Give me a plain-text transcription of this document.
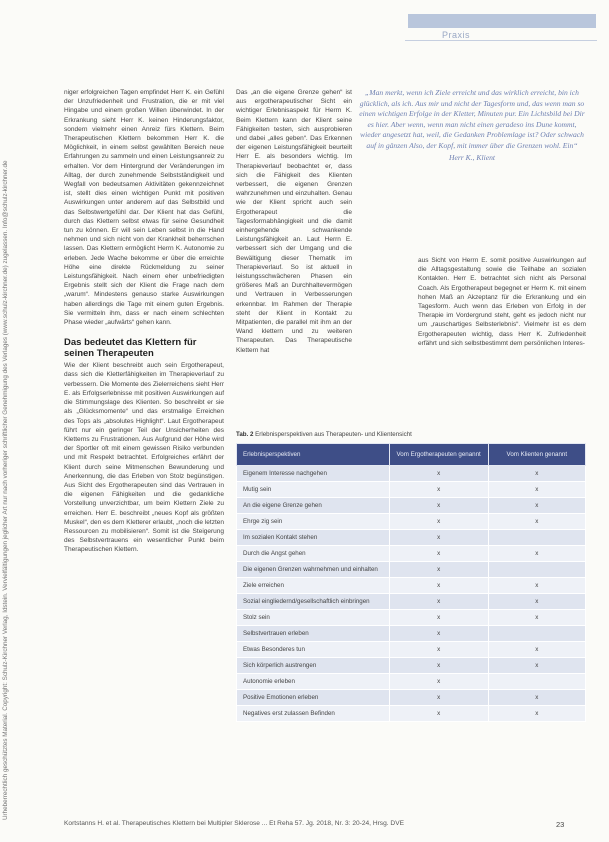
Praxis
Urheberrechtlich geschütztes Material. Copyright: Schulz-Kirchner Verlag, Idstein. Vervielfältigungen jeglicher Art nur nach vorheriger schriftlicher Genehmigung des Verlages (www.schulz-kirchner.de) zugelassen. Info@schulz-kirchner.de

niger erfolgreichen Tagen empfindet Herr K. ein Gefühl der Unzufriedenheit und Frustration, die er mit viel Hingabe und einem großen Willen überwindet. In der Erkrankung sieht Herr K. keinen Hinderungsfaktor, sondern vielmehr einen Anreiz fürs Klettern. Beim Therapeutischen Klettern bekommen Herr K. die Möglichkeit, in einem selbst gewählten Bereich neue Erfahrungen zu sammeln und einen Leistungsanreiz zu erhalten. Vor dem Hintergrund der Veränderungen im Alltag, der durch zunehmende Selbstständigkeit und Wegfall von bedeutsamen Aktivitäten gekennzeichnet ist, stellt dies einen wichtigen Punkt mit positiven Auswirkungen unter anderem auf das Selbstbild und das Selbstwertgefühl dar. Der Klient hat das Gefühl, durch das Klettern selbst etwas für seine Gesundheit tun zu können. Er will sein Leben selbst in die Hand nehmen und sich nicht von der Krankheit beherrschen lassen. Das Klettern ermöglicht Herrn K. Autonomie zu erleben. Jede Wache bekomme er über die erreichte Höhe eine direkte Rückmeldung zu seiner Leistungsfähigkeit. Nach einem eher unbefriedigten Ergebnis stellt sich der Klient die Frage nach dem „warum“. Mindestens genauso starke Auswirkungen haben allerdings die Tage mit einem guten Ergebnis. Sie vermitteln ihm, dass er nach einem schlechten Phase wieder „aufwärts“ gehen kann.

Das bedeutet das Klettern für seinen Therapeuten

Wie der Klient beschreibt auch sein Ergotherapeut, dass sich die Kletterfähigkeiten im Therapieverlauf zu verbessern. Die Momente des Zielerreichens sieht Herr E. als Erfolgserlebnisse mit positiven Auswirkungen auf die Stimmungslage des Klienten. So beschreibt er sie als „Glücksmomente“ und das erstmalige Erreichen des Tops als „absolutes Highlight“. Laut Ergotherapeut führt nur ein geringer Teil der Unsicherheiten des Kletterns zu Frustrationen. Aus Aufgrund der Höhe wird der Sportler oft mit einem gewissen Risiko verbunden und mit Respekt betrachtet. Erfolgreiches erfährt der Klient durch seine Mitmenschen Bewunderung und Anerkennung, die das Erleben von Stolz begünstigen. Aus Sicht des Ergotherapeuten sind das Vertrauen in die eigenen Fähigkeiten und die gedankliche Vorstellung unverzichtbar, um beim Klettern Ziele zu erreichen. Herr E. beschreibt „neues Kopf als größten Muskel“, den es dem Kletterer erlaubt, „noch die letzten Ressourcen zu mobilisieren“. Somit ist die Steigerung des Selbstvertrauens ein wesentlicher Punkt beim Therapeutischen Klettern.

Das „an die eigene Grenze gehen“ ist aus ergotherapeutischer Sicht ein wichtiger Erlebnisaspekt für Herrn K. Beim Klettern kann der Klient seine Fähigkeiten testen, sich ausprobieren und dabei „alles geben“. Das Erkennen der eigenen Leistungsfähigkeit beurteilt Herr E. als besonders wichtig. Im Therapieverlauf beobachtet er, dass sich die Fähigkeit des Klienten verbessert, die eigenen Grenzen wahrzunehmen und einzuhalten. Genau wie der Klient spricht auch sein Ergotherapeut die Tagesformabhängigkeit und die damit einhergehende schwankende Leistungsfähigkeit an. Laut Herrn E. verbessert sich der Umgang und die Bewältigung dieser Thematik im Therapieverlauf. So ist aktuell in leistungsschwächeren Phasen ein größeres Maß an Durchhaltevermögen und Vertrauen in Verbesserungen erkennbar. Im Rahmen der Therapie steht der Klient in Kontakt zu Mitpatienten, die parallel mit ihm an der Wand klettern und zu weiteren Therapeuten. Das Therapeutische Klettern hat

„Man merkt, wenn ich Ziele erreicht und das wirklich erreicht, bin ich glücklich, als ich. Aus mir und nicht der Tagesform und, das wenn man so einen wichtigen Erfolge in der Kletter, Minuten pur. Ein Lichtsbild bei Dir es hier. Aber wenn, wenn man nicht einen geradeso ins Dune kommt, wieder angesetzt hat, weil, die Gedanken Problemlage ist? Oder schwach auf in gänzen Also, der Kopf, mit immer über die Grenzen wohl. Ein“
Herr K., Klient

aus Sicht von Herrn E. somit positive Auswirkungen auf die Alltagsgestaltung sowie die Teilhabe an sozialen Kontakten. Herr E. betrachtet sich nicht als Personal Coach. Als Ergotherapeut begegnet er Herrn K. mit einem hohen Maß an Akzeptanz für die Erkrankung und ein Tagesform. Auch wenn das Erleben von Erfolg in der Therapie im Vordergrund steht, geht es jedoch nicht nur um „rauschartiges Selbsterlebnis“. Vielmehr ist es dem Ergotherapeuten wichtig, dass Herr K. Zufriedenheit erfährt und sich selbstbestimmt dem persönlichen Interes-

Tab. 2 Erlebnisperspektiven aus Therapeuten- und Klientensicht
Erlebnisperspektiven	Vom Ergotherapeuten genannt	Vom Klienten genannt
Eigenem Interesse nachgehen	x	x
Mutig sein	x	x
An die eigene Grenze gehen	x	x
Ehrge zig sein	x	x
Im sozialen Kontakt stehen	x	
Durch die Angst gehen	x	x
Die eigenen Grenzen wahrnehmen und einhalten	x	
Ziele erreichen	x	x
Sozial eingliedernd/gesellschaftlich einbringen	x	x
Stolz sein	x	x
Selbstvertrauen erleben	x	
Etwas Besonderes tun	x	x
Sich körperlich austrengen	x	x
Autonomie erleben	x	
Positive Emotionen erleben	x	x
Negatives erst zulassen Befinden	x	x
Kortstanns H. et al. Therapeutisches Klettern bei Multipler Sklerose ... Et Reha 57. Jg. 2018, Nr. 3: 20-24, Hrsg. DVE	23
